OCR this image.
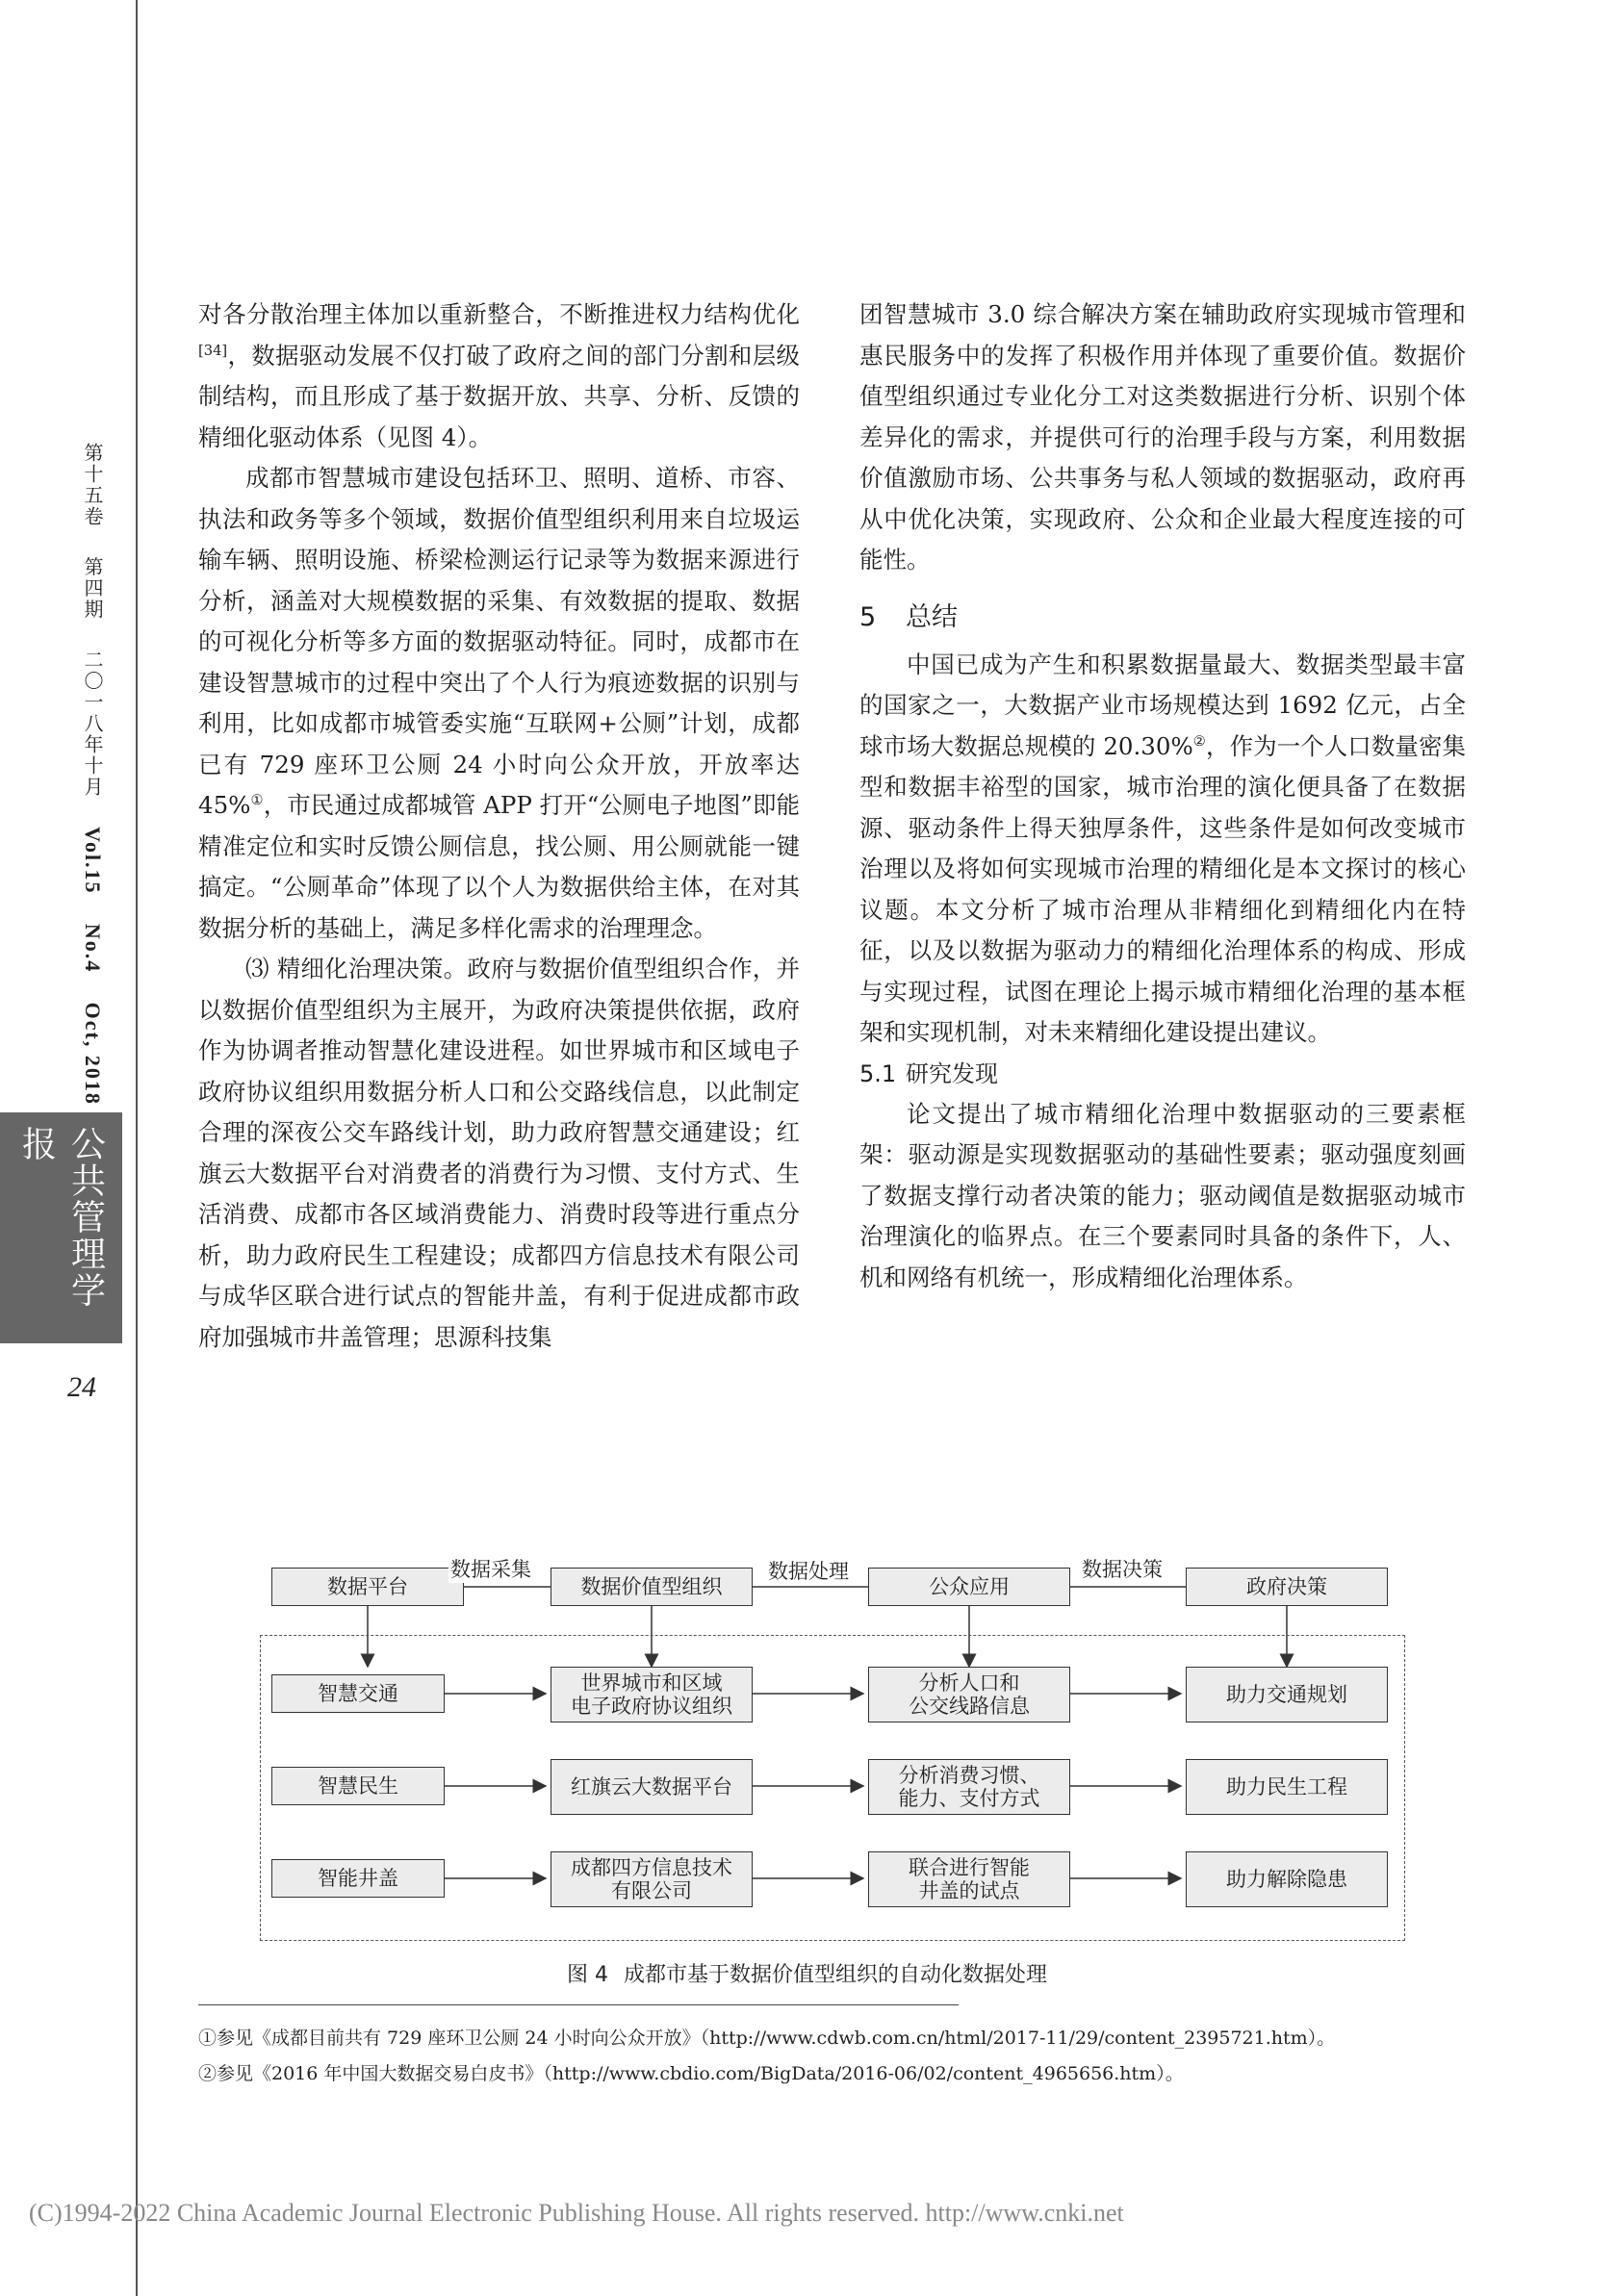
第十五卷 第四期 二〇一八年十月 Vol.15 No.4 Oct, 2018
公共管理学报
24

对各分散治理主体加以重新整合，不断推进权力结构优化[34]，数据驱动发展不仅打破了政府之间的部门分割和层级制结构，而且形成了基于数据开放、共享、分析、反馈的精细化驱动体系（见图 4）。

成都市智慧城市建设包括环卫、照明、道桥、市容、执法和政务等多个领域，数据价值型组织利用来自垃圾运输车辆、照明设施、桥梁检测运行记录等为数据来源进行分析，涵盖对大规模数据的采集、有效数据的提取、数据的可视化分析等多方面的数据驱动特征。同时，成都市在建设智慧城市的过程中突出了个人行为痕迹数据的识别与利用，比如成都市城管委实施“互联网+公厕”计划，成都已有 729 座环卫公厕 24 小时向公众开放，开放率达 45%①，市民通过成都城管 APP 打开“公厕电子地图”即能精准定位和实时反馈公厕信息，找公厕、用公厕就能一键搞定。“公厕革命”体现了以个人为数据供给主体，在对其数据分析的基础上，满足多样化需求的治理理念。

⑶ 精细化治理决策。政府与数据价值型组织合作，并以数据价值型组织为主展开，为政府决策提供依据，政府作为协调者推动智慧化建设进程。如世界城市和区域电子政府协议组织用数据分析人口和公交路线信息，以此制定合理的深夜公交车路线计划，助力政府智慧交通建设；红旗云大数据平台对消费者的消费行为习惯、支付方式、生活消费、成都市各区域消费能力、消费时段等进行重点分析，助力政府民生工程建设；成都四方信息技术有限公司与成华区联合进行试点的智能井盖，有利于促进成都市政府加强城市井盖管理；思源科技集

团智慧城市 3.0 综合解决方案在辅助政府实现城市管理和惠民服务中的发挥了积极作用并体现了重要价值。数据价值型组织通过专业化分工对这类数据进行分析、识别个体差异化的需求，并提供可行的治理手段与方案，利用数据价值激励市场、公共事务与私人领域的数据驱动，政府再从中优化决策，实现政府、公众和企业最大程度连接的可能性。

5 总结

中国已成为产生和积累数据量最大、数据类型最丰富的国家之一，大数据产业市场规模达到 1692 亿元，占全球市场大数据总规模的 20.30%②，作为一个人口数量密集型和数据丰裕型的国家，城市治理的演化便具备了在数据源、驱动条件上得天独厚条件，这些条件是如何改变城市治理以及将如何实现城市治理的精细化是本文探讨的核心议题。本文分析了城市治理从非精细化到精细化内在特征，以及以数据为驱动力的精细化治理体系的构成、形成与实现过程，试图在理论上揭示城市精细化治理的基本框架和实现机制，对未来精细化建设提出建议。

5.1 研究发现

论文提出了城市精细化治理中数据驱动的三要素框架：驱动源是实现数据驱动的基础性要素；驱动强度刻画了数据支撑行动者决策的能力；驱动阈值是数据驱动城市治理演化的临界点。在三个要素同时具备的条件下，人、机和网络有机统一，形成精细化治理体系。

数据平台	数据价值型组织	公众应用	政府决策
数据采集	数据处理	数据决策
智慧交通	世界城市和区域
电子政府协议组织
分析人口和
公交线路信息	助力交通规划
智慧民生	红旗云大数据平台	分析消费习惯、
能力、支付方式	助力民生工程
智能井盖	成都四方信息技术
有限公司
联合进行智能
井盖的试点	助力解除隐患
图 4 成都市基于数据价值型组织的自动化数据处理
①参见《成都目前共有 729 座环卫公厕 24 小时向公众开放》（http://www.cdwb.com.cn/html/2017-11/29/content_2395721.htm）。
②参见《2016 年中国大数据交易白皮书》（http://www.cbdio.com/BigData/2016-06/02/content_4965656.htm）。
(C)1994-2022 China Academic Journal Electronic Publishing House. All rights reserved. http://www.cnki.net
